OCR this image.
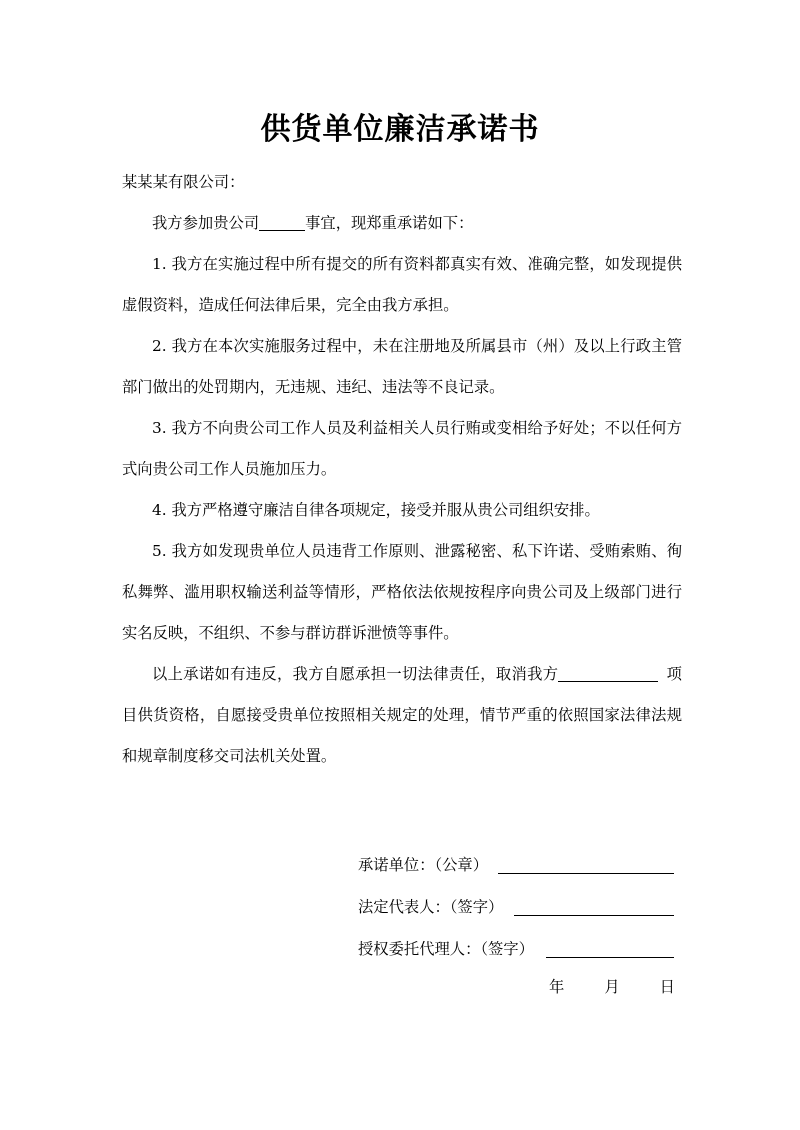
供货单位廉洁承诺书

某某某有限公司：

我方参加贵公司	事宜，现郑重承诺如下：

1. 我方在实施过程中所有提交的所有资料都真实有效、准确完整，如发现提供虚假资料，造成任何法律后果，完全由我方承担。

2. 我方在本次实施服务过程中，未在注册地及所属县市（州）及以上行政主管部门做出的处罚期内，无违规、违纪、违法等不良记录。

3. 我方不向贵公司工作人员及利益相关人员行贿或变相给予好处；不以任何方式向贵公司工作人员施加压力。

4. 我方严格遵守廉洁自律各项规定，接受并服从贵公司组织安排。

5. 我方如发现贵单位人员违背工作原则、泄露秘密、私下许诺、受贿索贿、徇私舞弊、滥用职权输送利益等情形，严格依法依规按程序向贵公司及上级部门进行实名反映，不组织、不参与群访群诉泄愤等事件。

以上承诺如有违反，我方自愿承担一切法律责任，取消我方	项目供货资格，自愿接受贵单位按照相关规定的处理，情节严重的依照国家法律法规和规章制度移交司法机关处置。

承诺单位：（公章）
法定代表人：（签字）
授权委托代理人：（签字）
年	月	日
